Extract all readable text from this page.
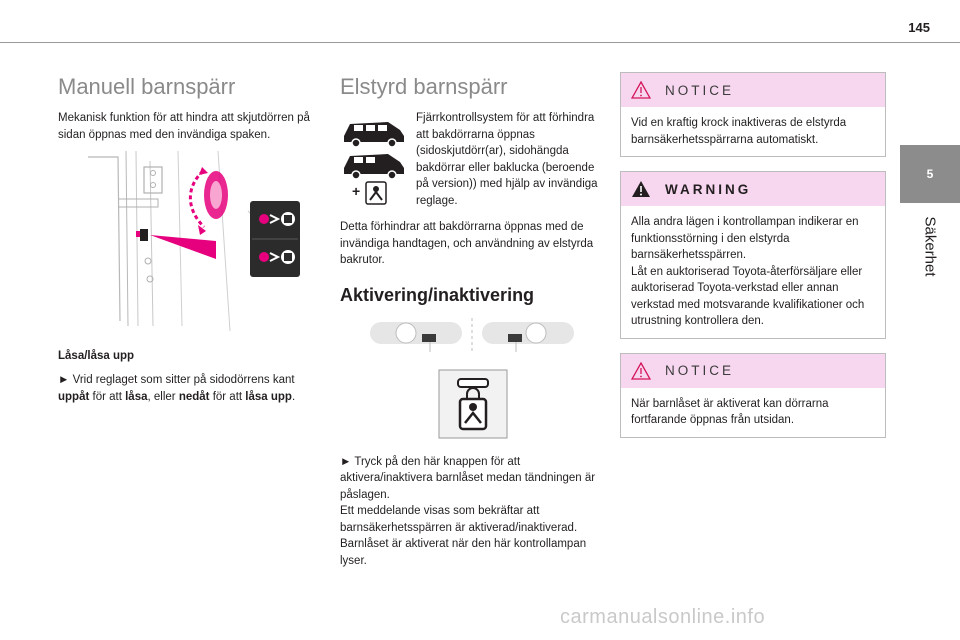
145
5
Säkerhet
Manuell barnspärr

Mekanisk funktion för att hindra att skjutdörren på sidan öppnas med den invändiga spaken.

Låsa/låsa upp

► Vrid reglaget som sitter på sidodörrens kant uppåt för att låsa, eller nedåt för att låsa upp.

Elstyrd barnspärr
+
Fjärrkontrollsystem för att förhindra att bakdörrarna öppnas (sidoskjutdörr(ar), sidohängda bakdörrar eller baklucka (beroende på version)) med hjälp av invändiga reglage.

Detta förhindrar att bakdörrarna öppnas med de invändiga handtagen, och användning av elstyrda bakrutor.

Aktivering/inaktivering

► Tryck på den här knappen för att aktivera/inaktivera barnlåset medan tändningen är påslagen.

Ett meddelande visas som bekräftar att barnsäkerhetsspärren är aktiverad/inaktiverad.

Barnlåset är aktiverat när den här kontrollampan lyser.

NOTICE

Vid en kraftig krock inaktiveras de elstyrda barnsäkerhetsspärrarna automatiskt.

WARNING

Alla andra lägen i kontrollampan indikerar en funktionsstörning i den elstyrda barnsäkerhetsspärren.

Låt en auktoriserad Toyota-återförsäljare eller auktoriserad Toyota-verkstad eller annan verkstad med motsvarande kvalifikationer och utrustning kontrollera den.

NOTICE

När barnlåset är aktiverat kan dörrarna fortfarande öppnas från utsidan.

carmanualsonline.info
